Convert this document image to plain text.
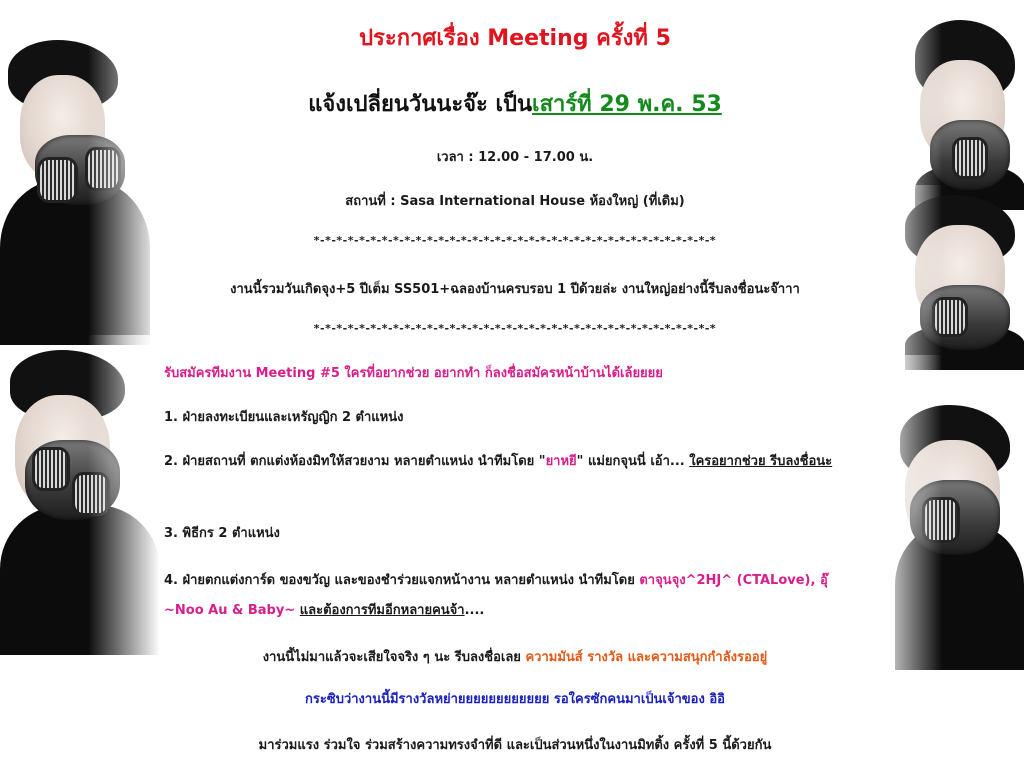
ประกาศเรื่อง Meeting ครั้งที่ 5
แจ้งเปลี่ยนวันนะจ๊ะ เป็นเสาร์ที่ 29 พ.ค. 53

เวลา : 12.00 - 17.00 น.

สถานที่ : Sasa International House ห้องใหญ่ (ที่เดิม)

*-*-*-*-*-*-*-*-*-*-*-*-*-*-*-*-*-*-*-*-*-*-*-*-*-*-*-*-*-*-*-*-*-*-*-*

งานนี้รวมวันเกิดจุง+5 ปีเต็ม SS501+ฉลองบ้านครบรอบ 1 ปีด้วยล่ะ งานใหญ่อย่างนี้รีบลงชื่อนะจ๊าาา

*-*-*-*-*-*-*-*-*-*-*-*-*-*-*-*-*-*-*-*-*-*-*-*-*-*-*-*-*-*-*-*-*-*-*-*

รับสมัครทีมงาน Meeting #5 ใครที่อยากช่วย อยากทำ ก็ลงชื่อสมัครหน้าบ้านได้เล้ยยยย

1. ฝ่ายลงทะเบียนและเหรัญญิก 2 ตำแหน่ง

2. ฝ่ายสถานที่ ตกแต่งห้องมิทให้สวยงาม หลายตำแหน่ง นำทีมโดย "ยาหยี" แม่ยกจุนนี่ เอ้า... ใครอยากช่วย รีบลงชื่อนะ

3. พิธีกร 2 ตำแหน่ง

4. ฝ่ายตกแต่งการ์ด ของขวัญ และของชำร่วยแจกหน้างาน หลายตำแหน่ง นำทีมโดย ตาจุนจุง^2HJ^ (CTALove), อุ๊ ~Noo Au & Baby~ และต้องการทีมอีกหลายคนจ้า....

งานนี้ไม่มาแล้วจะเสียใจจริง ๆ นะ รีบลงชื่อเลย ความมันส์ รางวัล และความสนุกกำลังรออยู่

กระซิบว่างานนี้มีรางวัลหย่ายยยยยยยยยยยย รอใครซักคนมาเป็นเจ้าของ อิอิ

มาร่วมแรง ร่วมใจ ร่วมสร้างความทรงจำที่ดี และเป็นส่วนหนึ่งในงานมิทติ้ง ครั้งที่ 5 นี้ด้วยกัน
